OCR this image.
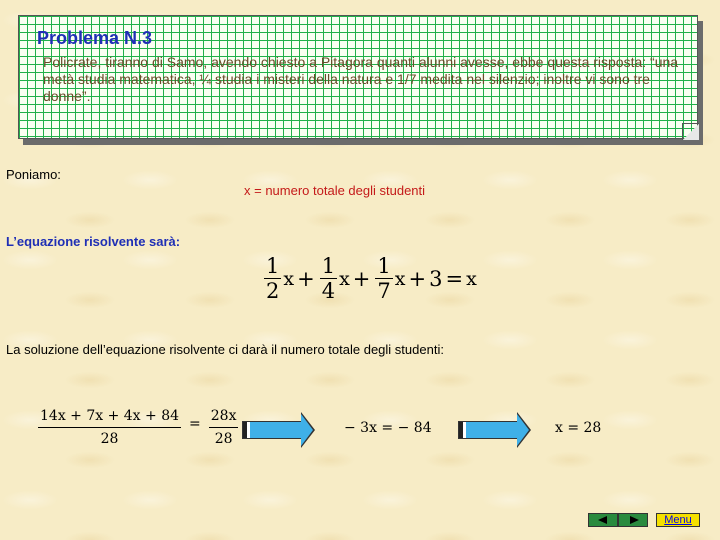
Problema N.3
Policrate, tiranno di Samo, avendo chiesto a Pitagora quanti alunni avesse, ebbe questa risposta: “una metà studia matematica, ¼ studia i misteri della natura e 1/7 medita nel silenzio; inoltre vi sono tre donne”.
Poniamo:
x = numero totale degli studenti
L’equazione risolvente sarà:
$\frac{1}{2}$ $x + \frac{1}{4}$ $x + \frac{1}{7}$ x + 3 = x
La soluzione dell’equazione risolvente ci darà il numero totale degli studenti:
$\frac{14x + 7x + 4x + 84}{28} = \frac{28x}{28}$	− 3x = − 84	x = 28
Menu
